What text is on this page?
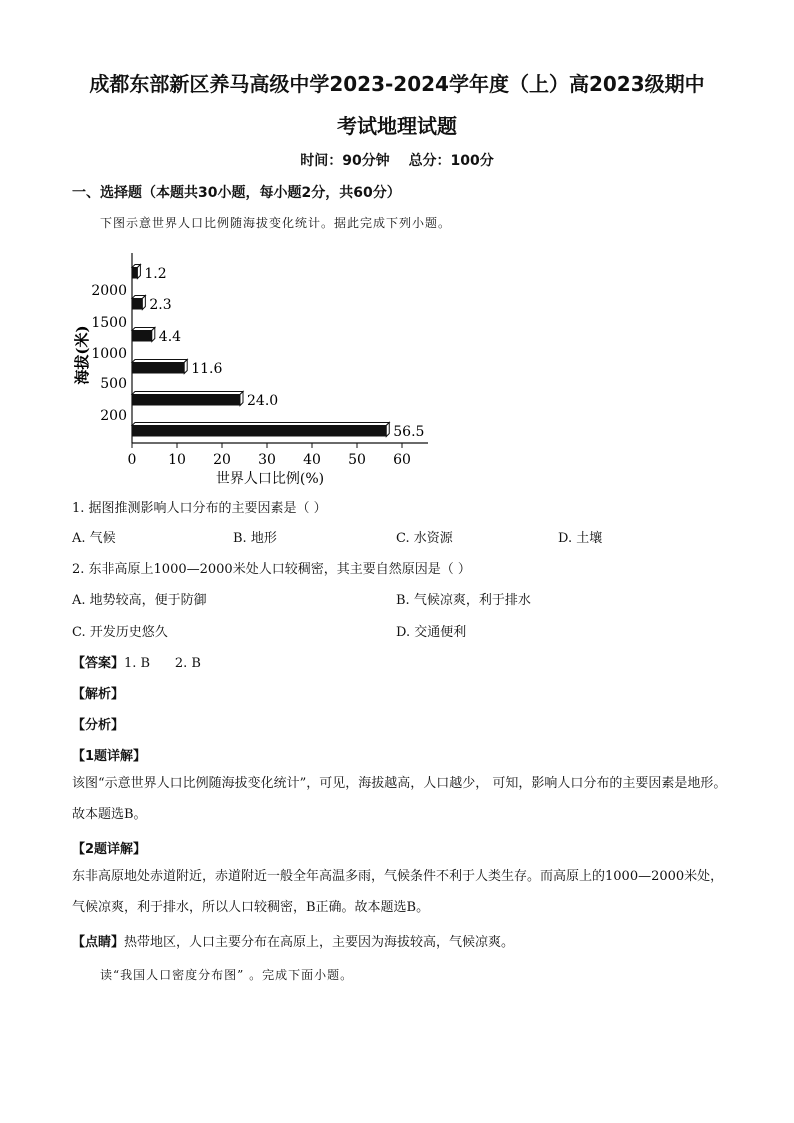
成都东部新区养马高级中学2023-2024学年度（上）高2023级期中
考试地理试题
时间：90分钟 总分：100分
一、选择题（本题共30小题，每小题2分，共60分）
下图示意世界人口比例随海拔变化统计。据此完成下列小题。
0 10 20 30 40 50 60
2000
1500
1000
500
200
1.2
2.3
4.4
11.6
24.0
56.5
海拔(米)
世界人口比例(%)
1. 据图推测影响人口分布的主要因素是（ ）
A. 气候	B. 地形	C. 水资源	D. 土壤
2. 东非高原上1000—2000米处人口较稠密，其主要自然原因是（ ）
A. 地势较高，便于防御	B. 气候凉爽，利于排水
C. 开发历史悠久	D. 交通便利
【答案】1. B      2. B
【解析】
【分析】
【1题详解】
该图“示意世界人口比例随海拔变化统计”，可见，海拔越高，人口越少， 可知，影响人口分布的主要因素是地形。故本题选B。
【2题详解】
东非高原地处赤道附近，赤道附近一般全年高温多雨，气候条件不利于人类生存。而高原上的1000—2000米处，气候凉爽，利于排水，所以人口较稠密，B正确。故本题选B。
【点睛】热带地区，人口主要分布在高原上，主要因为海拔较高，气候凉爽。
读“我国人口密度分布图” 。完成下面小题。
